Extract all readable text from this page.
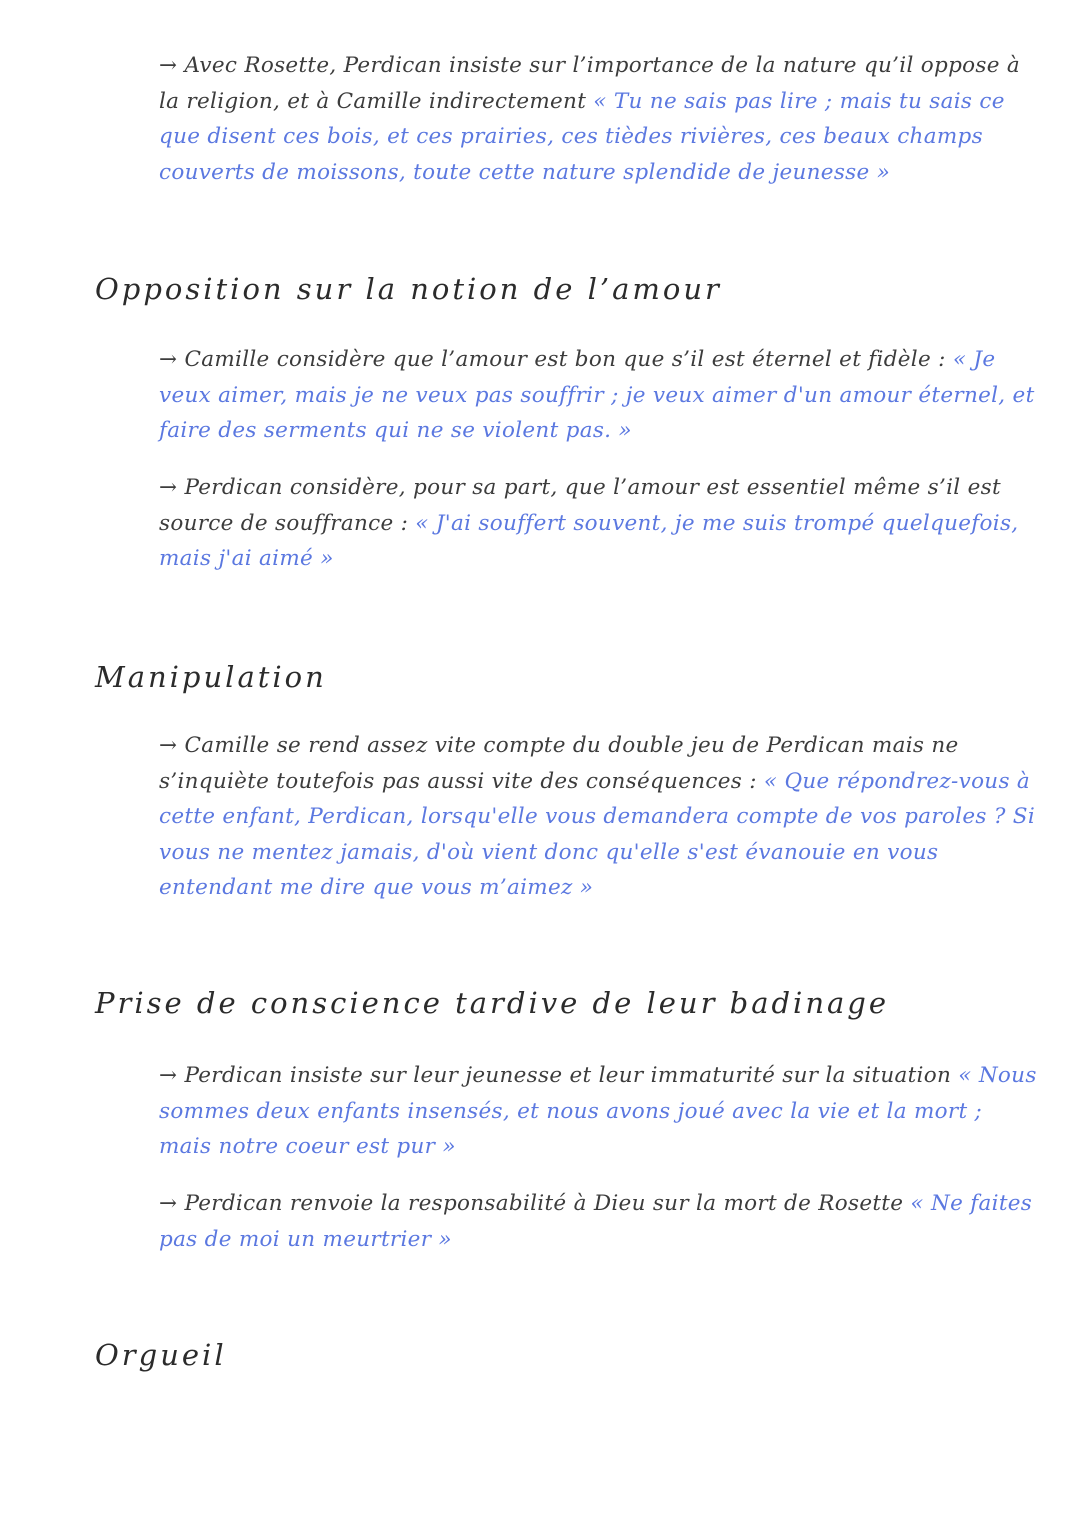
→ Avec Rosette, Perdican insiste sur l’importance de la nature qu’il oppose à la religion, et à Camille indirectement « Tu ne sais pas lire ; mais tu sais ce que disent ces bois, et ces prairies, ces tièdes rivières, ces beaux champs couverts de moissons, toute cette nature splendide de jeunesse »

Opposition sur la notion de l’amour

→ Camille considère que l’amour est bon que s’il est éternel et fidèle : « Je veux aimer, mais je ne veux pas souffrir ; je veux aimer d'un amour éternel, et faire des serments qui ne se violent pas. »

→ Perdican considère, pour sa part, que l’amour est essentiel même s’il est source de souffrance : « J'ai souffert souvent, je me suis trompé quelquefois, mais j'ai aimé »

Manipulation

→ Camille se rend assez vite compte du double jeu de Perdican mais ne s’inquiète toutefois pas aussi vite des conséquences : « Que répondrez-vous à cette enfant, Perdican, lorsqu'elle vous demandera compte de vos paroles ? Si vous ne mentez jamais, d'où vient donc qu'elle s'est évanouie en vous entendant me dire que vous m’aimez »

Prise de conscience tardive de leur badinage

→ Perdican insiste sur leur jeunesse et leur immaturité sur la situation « Nous sommes deux enfants insensés, et nous avons joué avec la vie et la mort ; mais notre coeur est pur »

→ Perdican renvoie la responsabilité à Dieu sur la mort de Rosette « Ne faites pas de moi un meurtrier »

Orgueil
